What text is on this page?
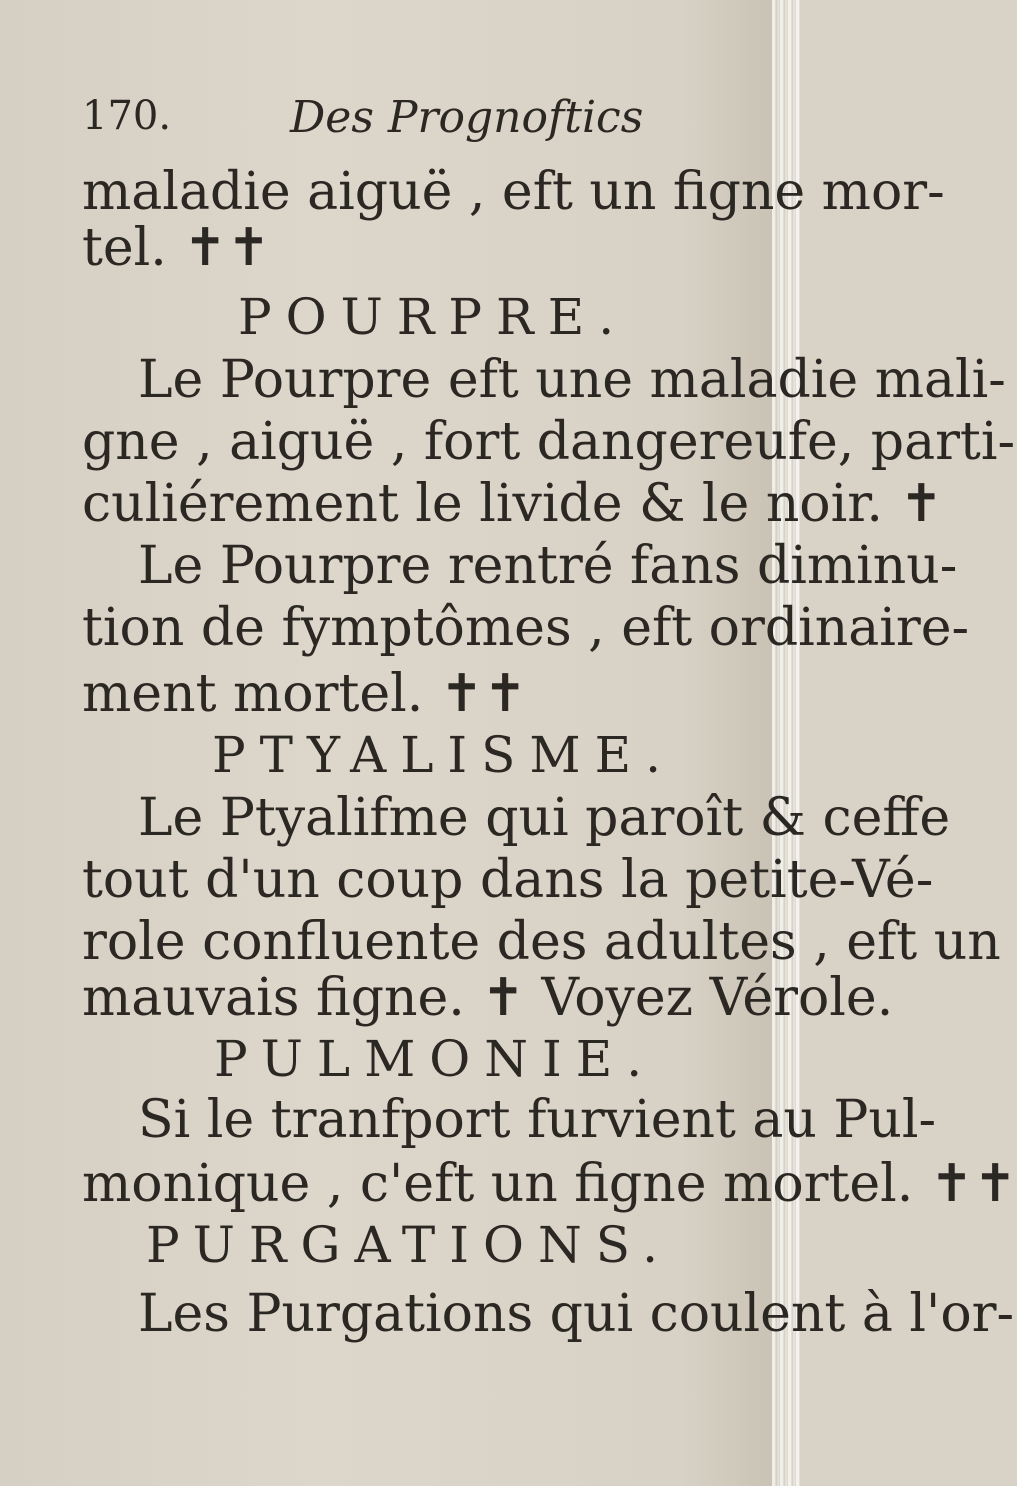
170.	Des Prognoftics
maladie aiguë , eft un figne mor-
tel. ✝✝
POURPRE.
Le Pourpre eft une maladie mali-
gne , aiguë , fort dangereufe, parti-
culiérement le livide & le noir. ✝
Le Pourpre rentré fans diminu-
tion de fymptômes , eft ordinaire-
ment mortel. ✝✝
PTYALISME.
Le Ptyalifme qui paroît & ceffe
tout d'un coup dans la petite-Vé-
role confluente des adultes , eft un
mauvais figne. ✝ Voyez Vérole.
PULMONIE.
Si le tranfport furvient au Pul-
monique , c'eft un figne mortel. ✝✝
PURGATIONS.
Les Purgations qui coulent à l'or-
